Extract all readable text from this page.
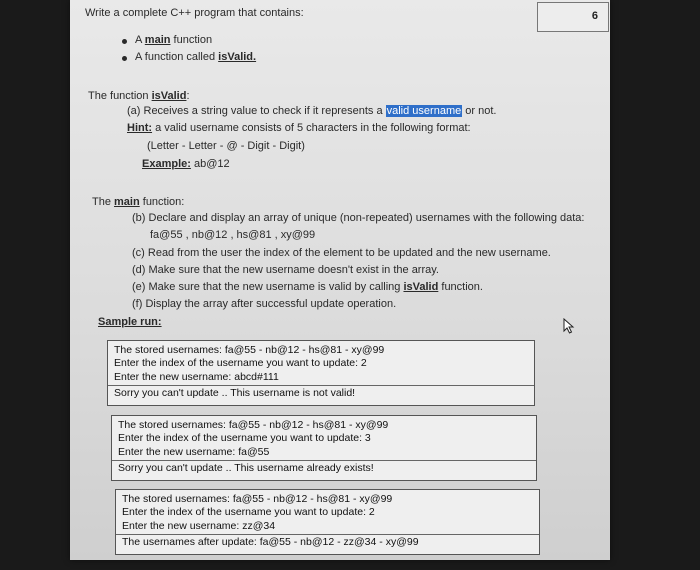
Write a complete C++ program that contains:	6
A main function
A function called isValid.
The function isValid:
(a) Receives a string value to check if it represents a valid username or not.
Hint: a valid username consists of 5 characters in the following format:
(Letter - Letter - @ - Digit - Digit)
Example: ab@12
The main function:
(b) Declare and display an array of unique (non-repeated) usernames with the following data:
fa@55 , nb@12 , hs@81 , xy@99
(c) Read from the user the index of the element to be updated and the new username.
(d) Make sure that the new username doesn't exist in the array.
(e) Make sure that the new username is valid by calling isValid function.
(f) Display the array after successful update operation.
Sample run:
The stored usernames: fa@55 - nb@12 - hs@81 - xy@99
Enter the index of the username you want to update: 2
Enter the new username: abcd#111
Sorry you can't update .. This username is not valid!
The stored usernames: fa@55 - nb@12 - hs@81 - xy@99
Enter the index of the username you want to update: 3
Enter the new username: fa@55
Sorry you can't update .. This username already exists!
The stored usernames: fa@55 - nb@12 - hs@81 - xy@99
Enter the index of the username you want to update: 2
Enter the new username: zz@34
The usernames after update: fa@55 - nb@12 - zz@34 - xy@99
